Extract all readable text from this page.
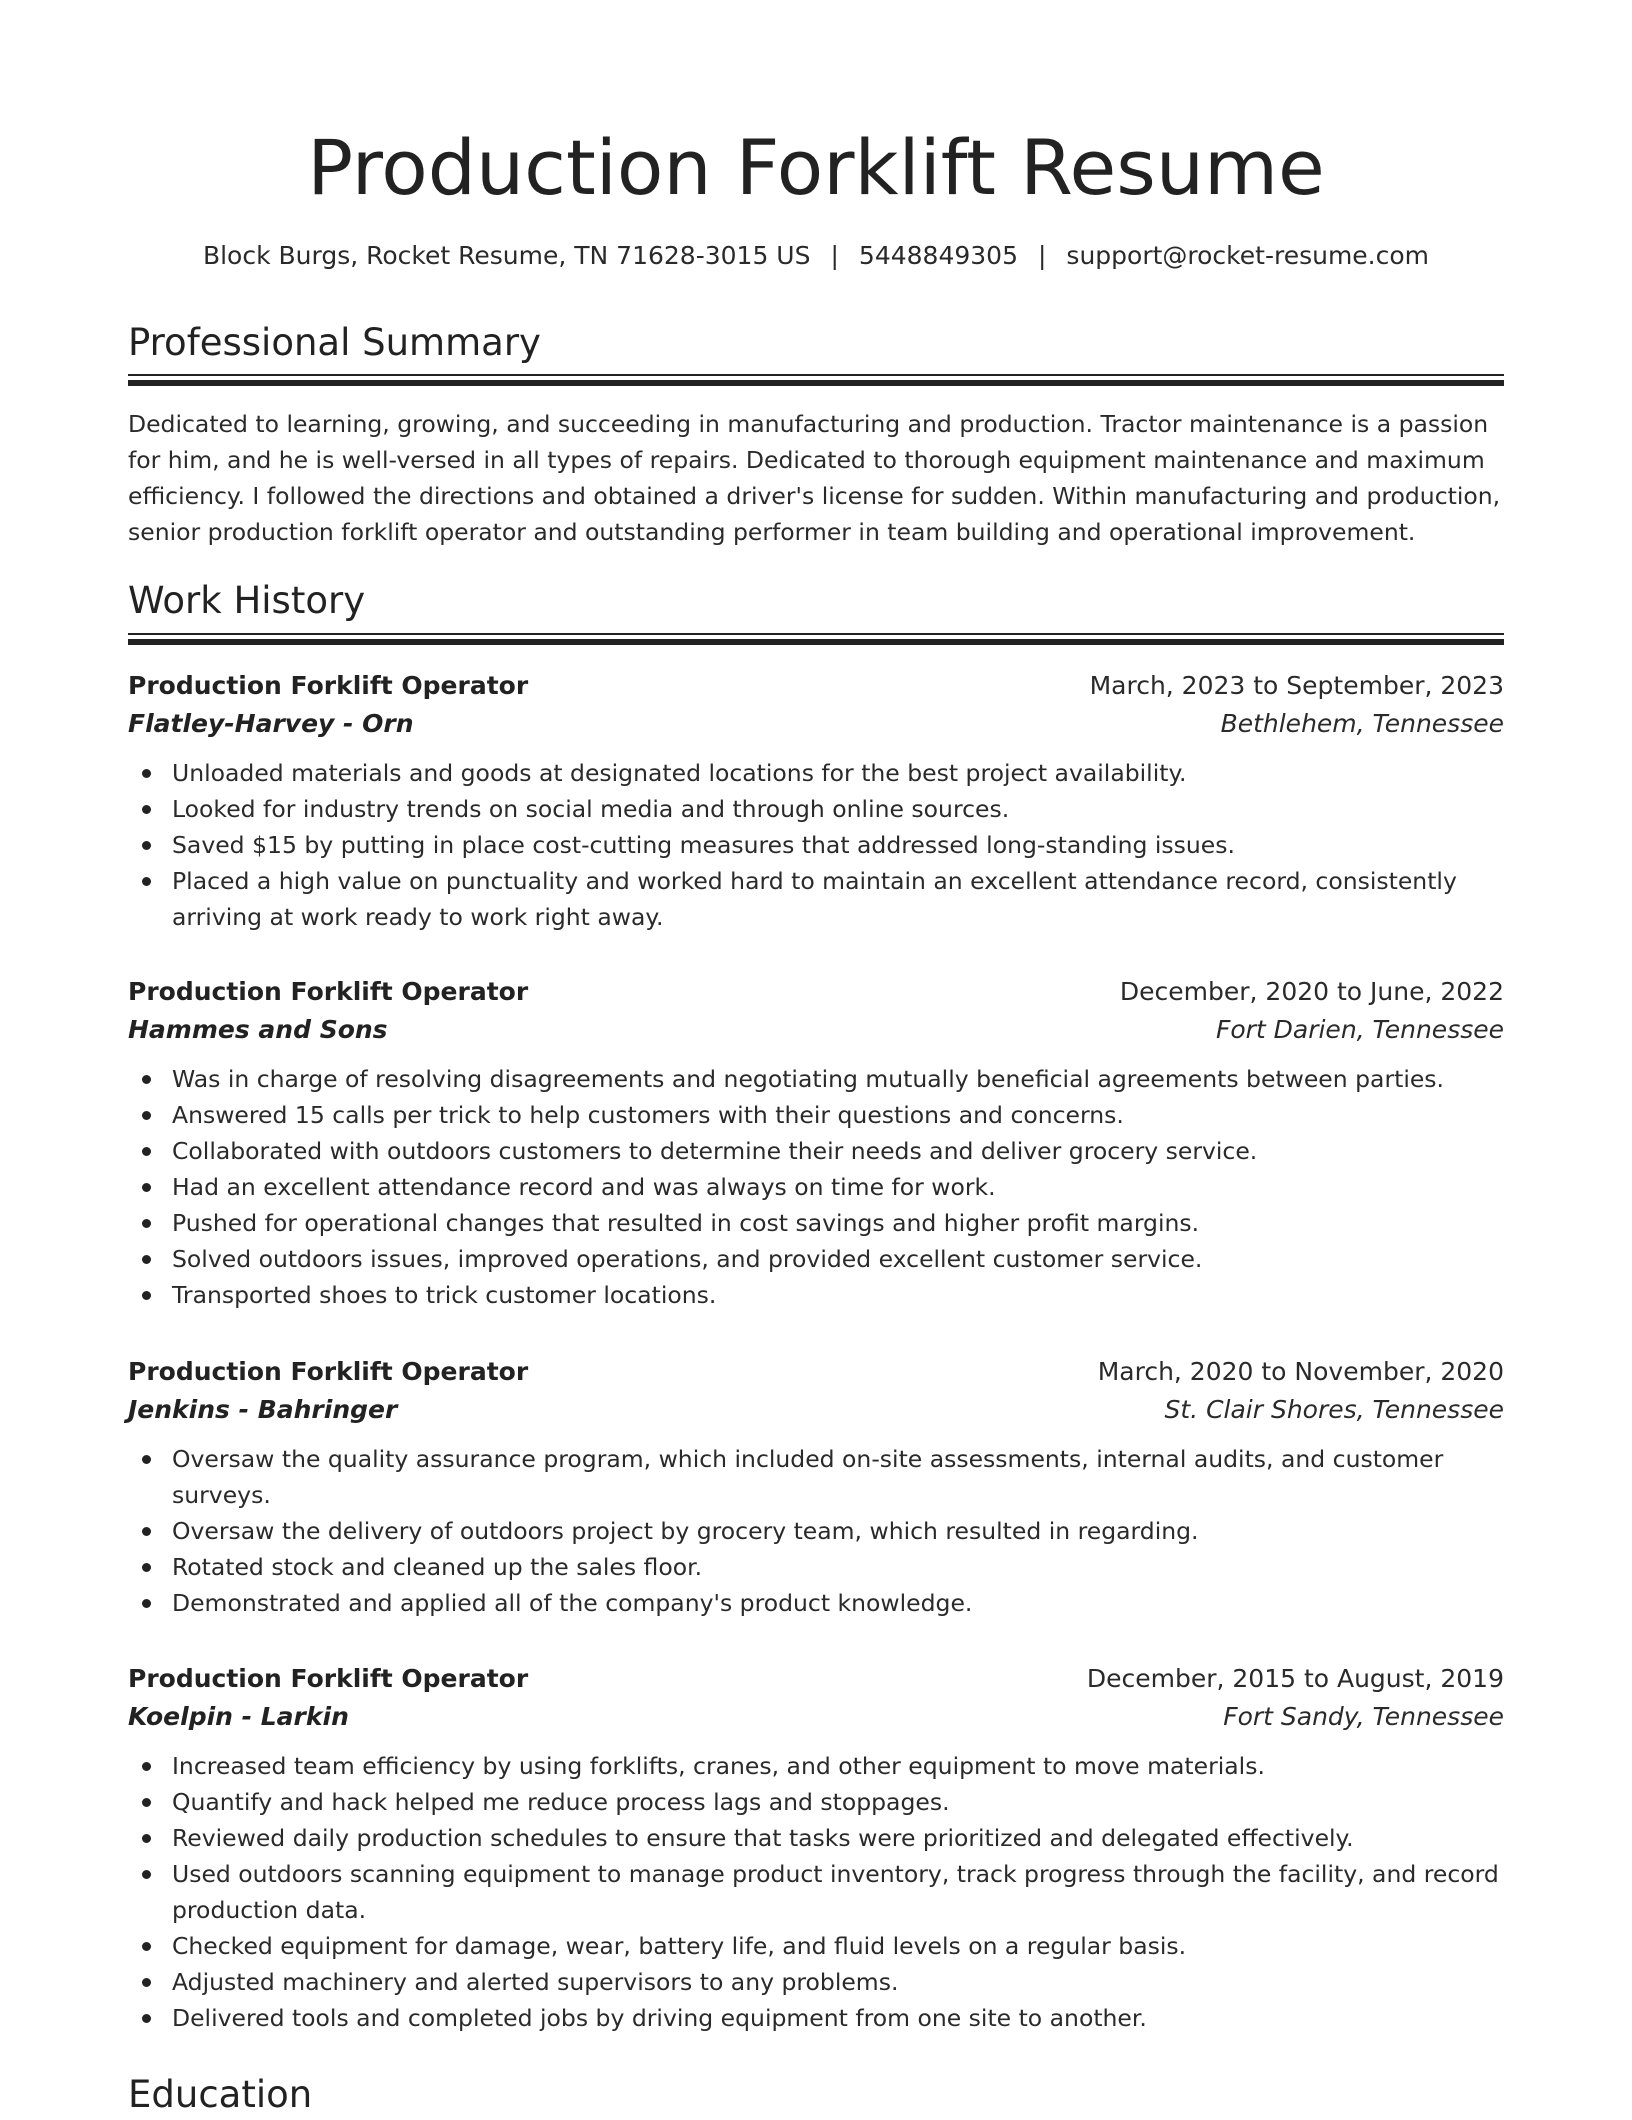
Production Forklift Resume
Block Burgs, Rocket Resume, TN 71628-3015 US | 5448849305 | support@rocket-resume.com
Professional Summary

Dedicated to learning, growing, and succeeding in manufacturing and production. Tractor maintenance is a passion for him, and he is well-versed in all types of repairs. Dedicated to thorough equipment maintenance and maximum efficiency. I followed the directions and obtained a driver's license for sudden. Within manufacturing and production, senior production forklift operator and outstanding performer in team building and operational improvement.

Work History
Production Forklift Operator	March, 2023 to September, 2023
Flatley-Harvey - Orn	Bethlehem, Tennessee
Unloaded materials and goods at designated locations for the best project availability.
Looked for industry trends on social media and through online sources.
Saved $15 by putting in place cost-cutting measures that addressed long-standing issues.
Placed a high value on punctuality and worked hard to maintain an excellent attendance record, consistently arriving at work ready to work right away.
Production Forklift Operator	December, 2020 to June, 2022
Hammes and Sons	Fort Darien, Tennessee
Was in charge of resolving disagreements and negotiating mutually beneficial agreements between parties.
Answered 15 calls per trick to help customers with their questions and concerns.
Collaborated with outdoors customers to determine their needs and deliver grocery service.
Had an excellent attendance record and was always on time for work.
Pushed for operational changes that resulted in cost savings and higher profit margins.
Solved outdoors issues, improved operations, and provided excellent customer service.
Transported shoes to trick customer locations.
Production Forklift Operator	March, 2020 to November, 2020
Jenkins - Bahringer	St. Clair Shores, Tennessee
Oversaw the quality assurance program, which included on-site assessments, internal audits, and customer surveys.
Oversaw the delivery of outdoors project by grocery team, which resulted in regarding.
Rotated stock and cleaned up the sales floor.
Demonstrated and applied all of the company's product knowledge.
Production Forklift Operator	December, 2015 to August, 2019
Koelpin - Larkin	Fort Sandy, Tennessee
Increased team efficiency by using forklifts, cranes, and other equipment to move materials.
Quantify and hack helped me reduce process lags and stoppages.
Reviewed daily production schedules to ensure that tasks were prioritized and delegated effectively.
Used outdoors scanning equipment to manage product inventory, track progress through the facility, and record production data.
Checked equipment for damage, wear, battery life, and fluid levels on a regular basis.
Adjusted machinery and alerted supervisors to any problems.
Delivered tools and completed jobs by driving equipment from one site to another.
Education
